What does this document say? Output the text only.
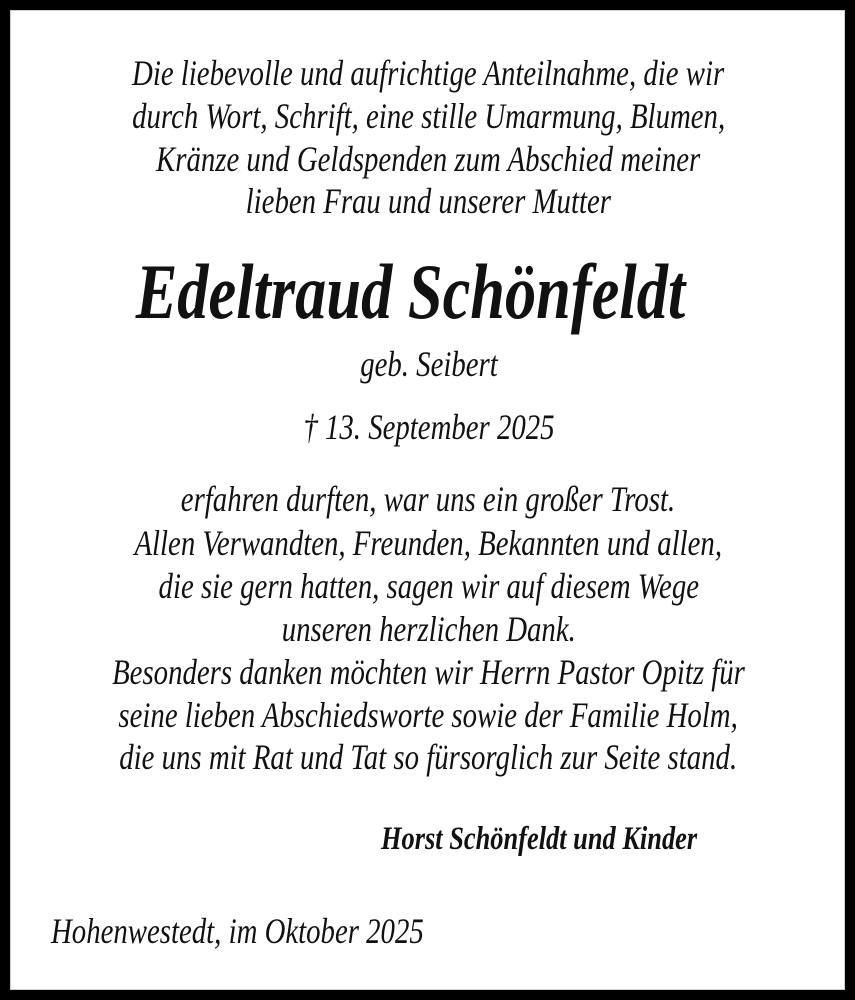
Die liebevolle und aufrichtige Anteilnahme, die wir
durch Wort, Schrift, eine stille Umarmung, Blumen,
Kränze und Geldspenden zum Abschied meiner
lieben Frau und unserer Mutter
Edeltraud Schönfeldt
geb. Seibert
† 13. September 2025
erfahren durften, war uns ein großer Trost.
Allen Verwandten, Freunden, Bekannten und allen,
die sie gern hatten, sagen wir auf diesem Wege
unseren herzlichen Dank.
Besonders danken möchten wir Herrn Pastor Opitz für
seine lieben Abschiedsworte sowie der Familie Holm,
die uns mit Rat und Tat so fürsorglich zur Seite stand.
Horst Schönfeldt und Kinder
Hohenwestedt, im Oktober 2025
